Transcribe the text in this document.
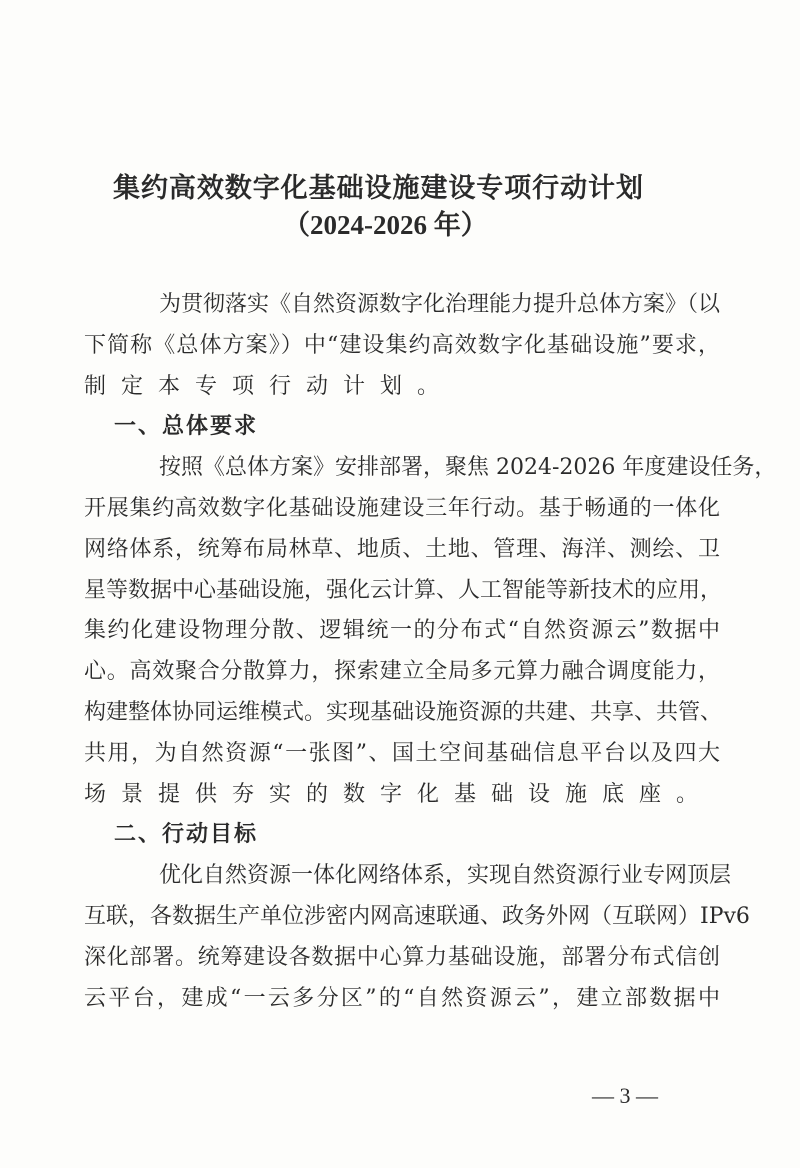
集约高效数字化基础设施建设专项行动计划
（2024-2026 年）
为贯彻落实《自然资源数字化治理能力提升总体方案》（以
下简称《总体方案》）中“建设集约高效数字化基础设施”要求，
制定本专项行动计划。
一、总体要求
按照《总体方案》安排部署，聚焦 2024-2026 年度建设任务，
开展集约高效数字化基础设施建设三年行动。基于畅通的一体化
网络体系，统筹布局林草、地质、土地、管理、海洋、测绘、卫
星等数据中心基础设施，强化云计算、人工智能等新技术的应用，
集约化建设物理分散、逻辑统一的分布式“自然资源云”数据中
心。高效聚合分散算力，探索建立全局多元算力融合调度能力，
构建整体协同运维模式。实现基础设施资源的共建、共享、共管、
共用，为自然资源“一张图”、国土空间基础信息平台以及四大
场景提供夯实的数字化基础设施底座。
二、行动目标
优化自然资源一体化网络体系，实现自然资源行业专网顶层
互联，各数据生产单位涉密内网高速联通、政务外网（互联网）IPv6
深化部署。统筹建设各数据中心算力基础设施，部署分布式信创
云平台，建成“一云多分区”的“自然资源云”，建立部数据中
— 3 —
